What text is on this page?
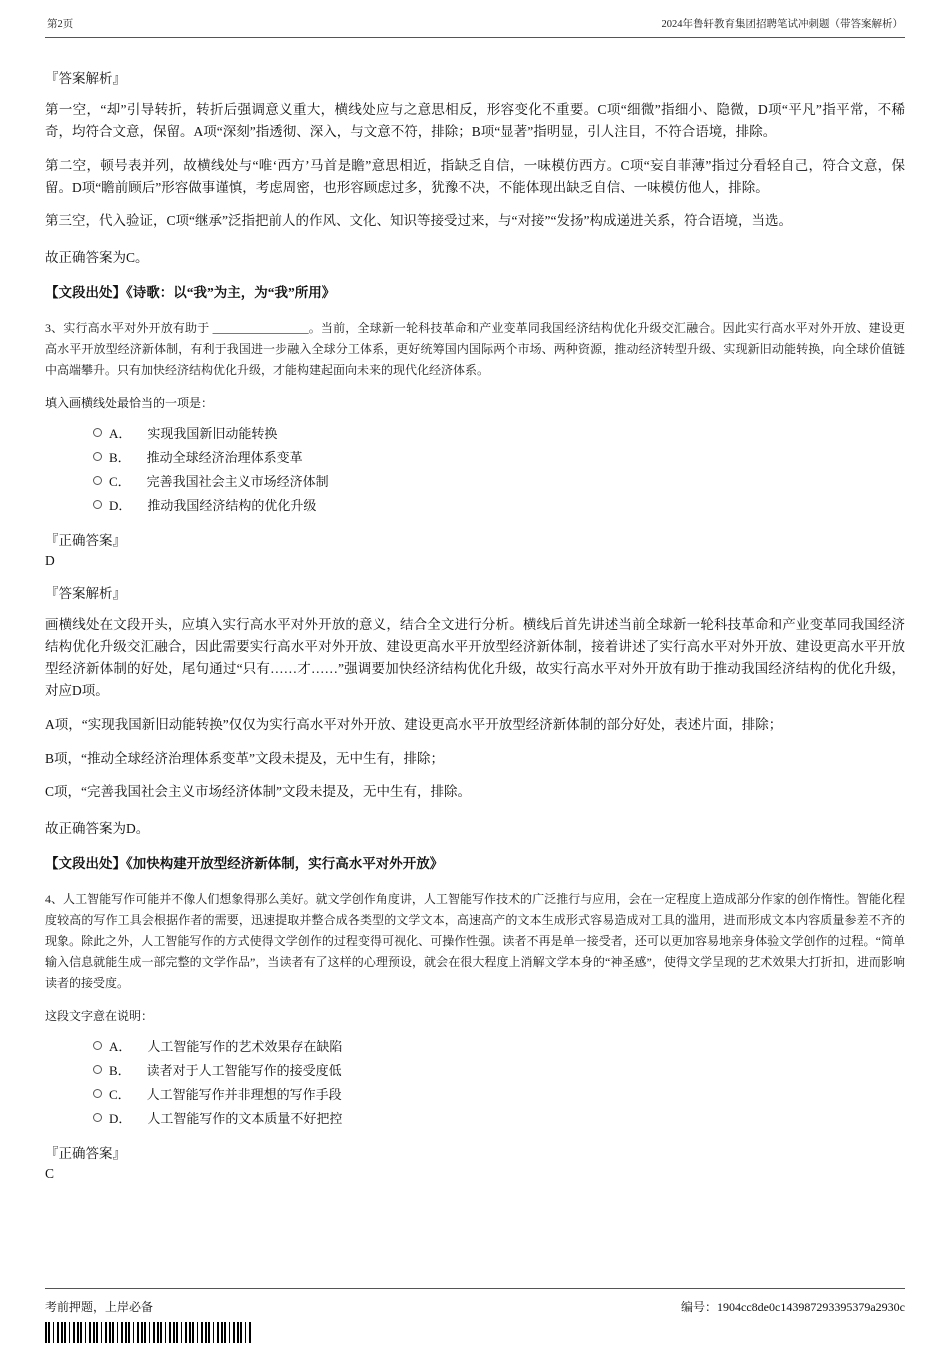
第2页	2024年鲁轩教育集团招聘笔试冲刺题（带答案解析）

『答案解析』

第一空，“却”引导转折，转折后强调意义重大，横线处应与之意思相反，形容变化不重要。C项“细微”指细小、隐微，D项“平凡”指平常，不稀奇，均符合文意，保留。A项“深刻”指透彻、深入，与文意不符，排除；B项“显著”指明显，引人注目，不符合语境，排除。

第二空，顿号表并列，故横线处与“唯‘西方’马首是瞻”意思相近，指缺乏自信，一味模仿西方。C项“妄自菲薄”指过分看轻自己，符合文意，保留。D项“瞻前顾后”形容做事谨慎，考虑周密，也形容顾虑过多，犹豫不决，不能体现出缺乏自信、一味模仿他人，排除。

第三空，代入验证，C项“继承”泛指把前人的作风、文化、知识等接受过来，与“对接”“发扬”构成递进关系，符合语境，当选。

故正确答案为C。

【文段出处】《诗歌：以“我”为主，为“我”所用》

3、实行高水平对外开放有助于 ________________。当前，全球新一轮科技革命和产业变革同我国经济结构优化升级交汇融合。因此实行高水平对外开放、建设更高水平开放型经济新体制，有利于我国进一步融入全球分工体系，更好统筹国内国际两个市场、两种资源，推动经济转型升级、实现新旧动能转换，向全球价值链中高端攀升。只有加快经济结构优化升级，才能构建起面向未来的现代化经济体系。

填入画横线处最恰当的一项是：

A． 实现我国新旧动能转换
B． 推动全球经济治理体系变革
C． 完善我国社会主义市场经济体制
D． 推动我国经济结构的优化升级

『正确答案』

D

『答案解析』

画横线处在文段开头，应填入实行高水平对外开放的意义，结合全文进行分析。横线后首先讲述当前全球新一轮科技革命和产业变革同我国经济结构优化升级交汇融合，因此需要实行高水平对外开放、建设更高水平开放型经济新体制，接着讲述了实行高水平对外开放、建设更高水平开放型经济新体制的好处，尾句通过“只有……才……”强调要加快经济结构优化升级，故实行高水平对外开放有助于推动我国经济结构的优化升级，对应D项。

A项，“实现我国新旧动能转换”仅仅为实行高水平对外开放、建设更高水平开放型经济新体制的部分好处，表述片面，排除；

B项，“推动全球经济治理体系变革”文段未提及，无中生有，排除；

C项，“完善我国社会主义市场经济体制”文段未提及，无中生有，排除。

故正确答案为D。

【文段出处】《加快构建开放型经济新体制，实行高水平对外开放》

4、人工智能写作可能并不像人们想象得那么美好。就文学创作角度讲，人工智能写作技术的广泛推行与应用，会在一定程度上造成部分作家的创作惰性。智能化程度较高的写作工具会根据作者的需要，迅速提取并整合成各类型的文学文本，高速高产的文本生成形式容易造成对工具的滥用，进而形成文本内容质量参差不齐的现象。除此之外，人工智能写作的方式使得文学创作的过程变得可视化、可操作性强。读者不再是单一接受者，还可以更加容易地亲身体验文学创作的过程。“简单输入信息就能生成一部完整的文学作品”，当读者有了这样的心理预设，就会在很大程度上消解文学本身的“神圣感”，使得文学呈现的艺术效果大打折扣，进而影响读者的接受度。

这段文字意在说明：

A． 人工智能写作的艺术效果存在缺陷
B． 读者对于人工智能写作的接受度低
C． 人工智能写作并非理想的写作手段
D． 人工智能写作的文本质量不好把控

『正确答案』

C

考前押题，上岸必备	编号：1904cc8de0c143987293395379a2930c
